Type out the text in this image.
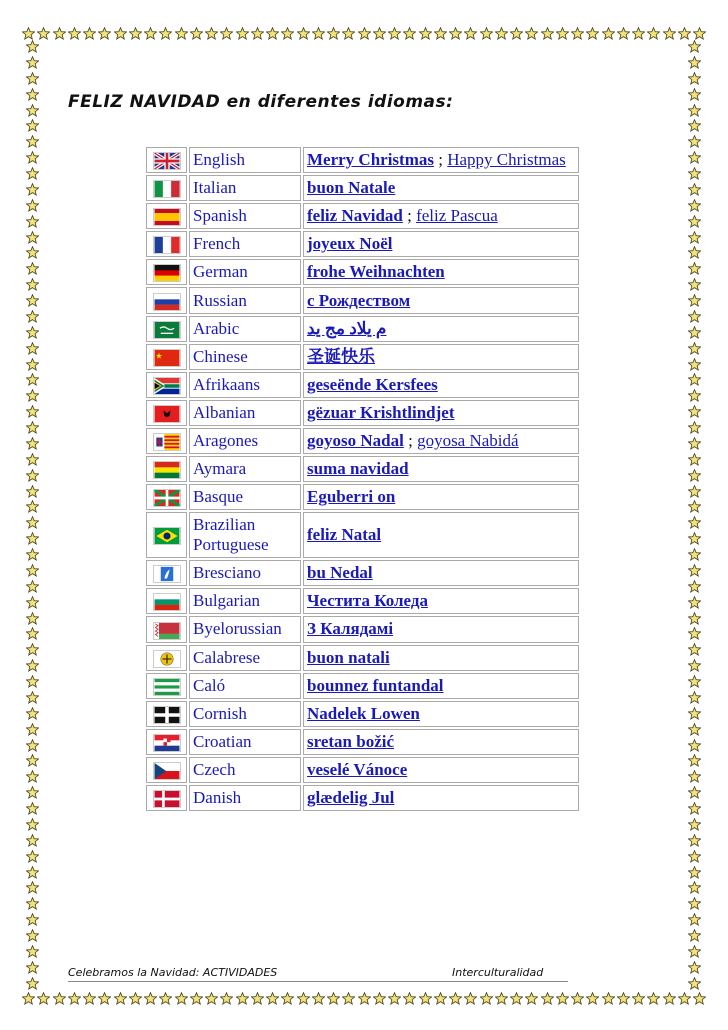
FELIZ NAVIDAD en diferentes idiomas:
	English	Merry Christmas ; Happy Christmas

	Italian	buon Natale

	Spanish	feliz Navidad ; feliz Pascua

	French	joyeux Noël

	German	frohe Weihnachten

	Russian	с Рождеством

	Arabic	م يلاد مج يد

	Chinese	圣诞快乐

	Afrikaans	geseënde Kersfees

	Albanian	gëzuar Krishtlindjet

	Aragones	goyoso Nadal ; goyosa Nabidá

	Aymara	suma navidad

	Basque	Eguberri on

	Brazilian Portuguese	feliz Natal

	Bresciano	bu Nedal

	Bulgarian	Честита Коледа

	Byelorussian	З Калядамі

	Calabrese	buon natali

	Caló	bounnez funtandal

	Cornish	Nadelek Lowen

	Croatian	sretan božić

	Czech	veselé Vánoce

	Danish	glædelig Jul
Celebramos la Navidad: ACTIVIDADES	Interculturalidad
